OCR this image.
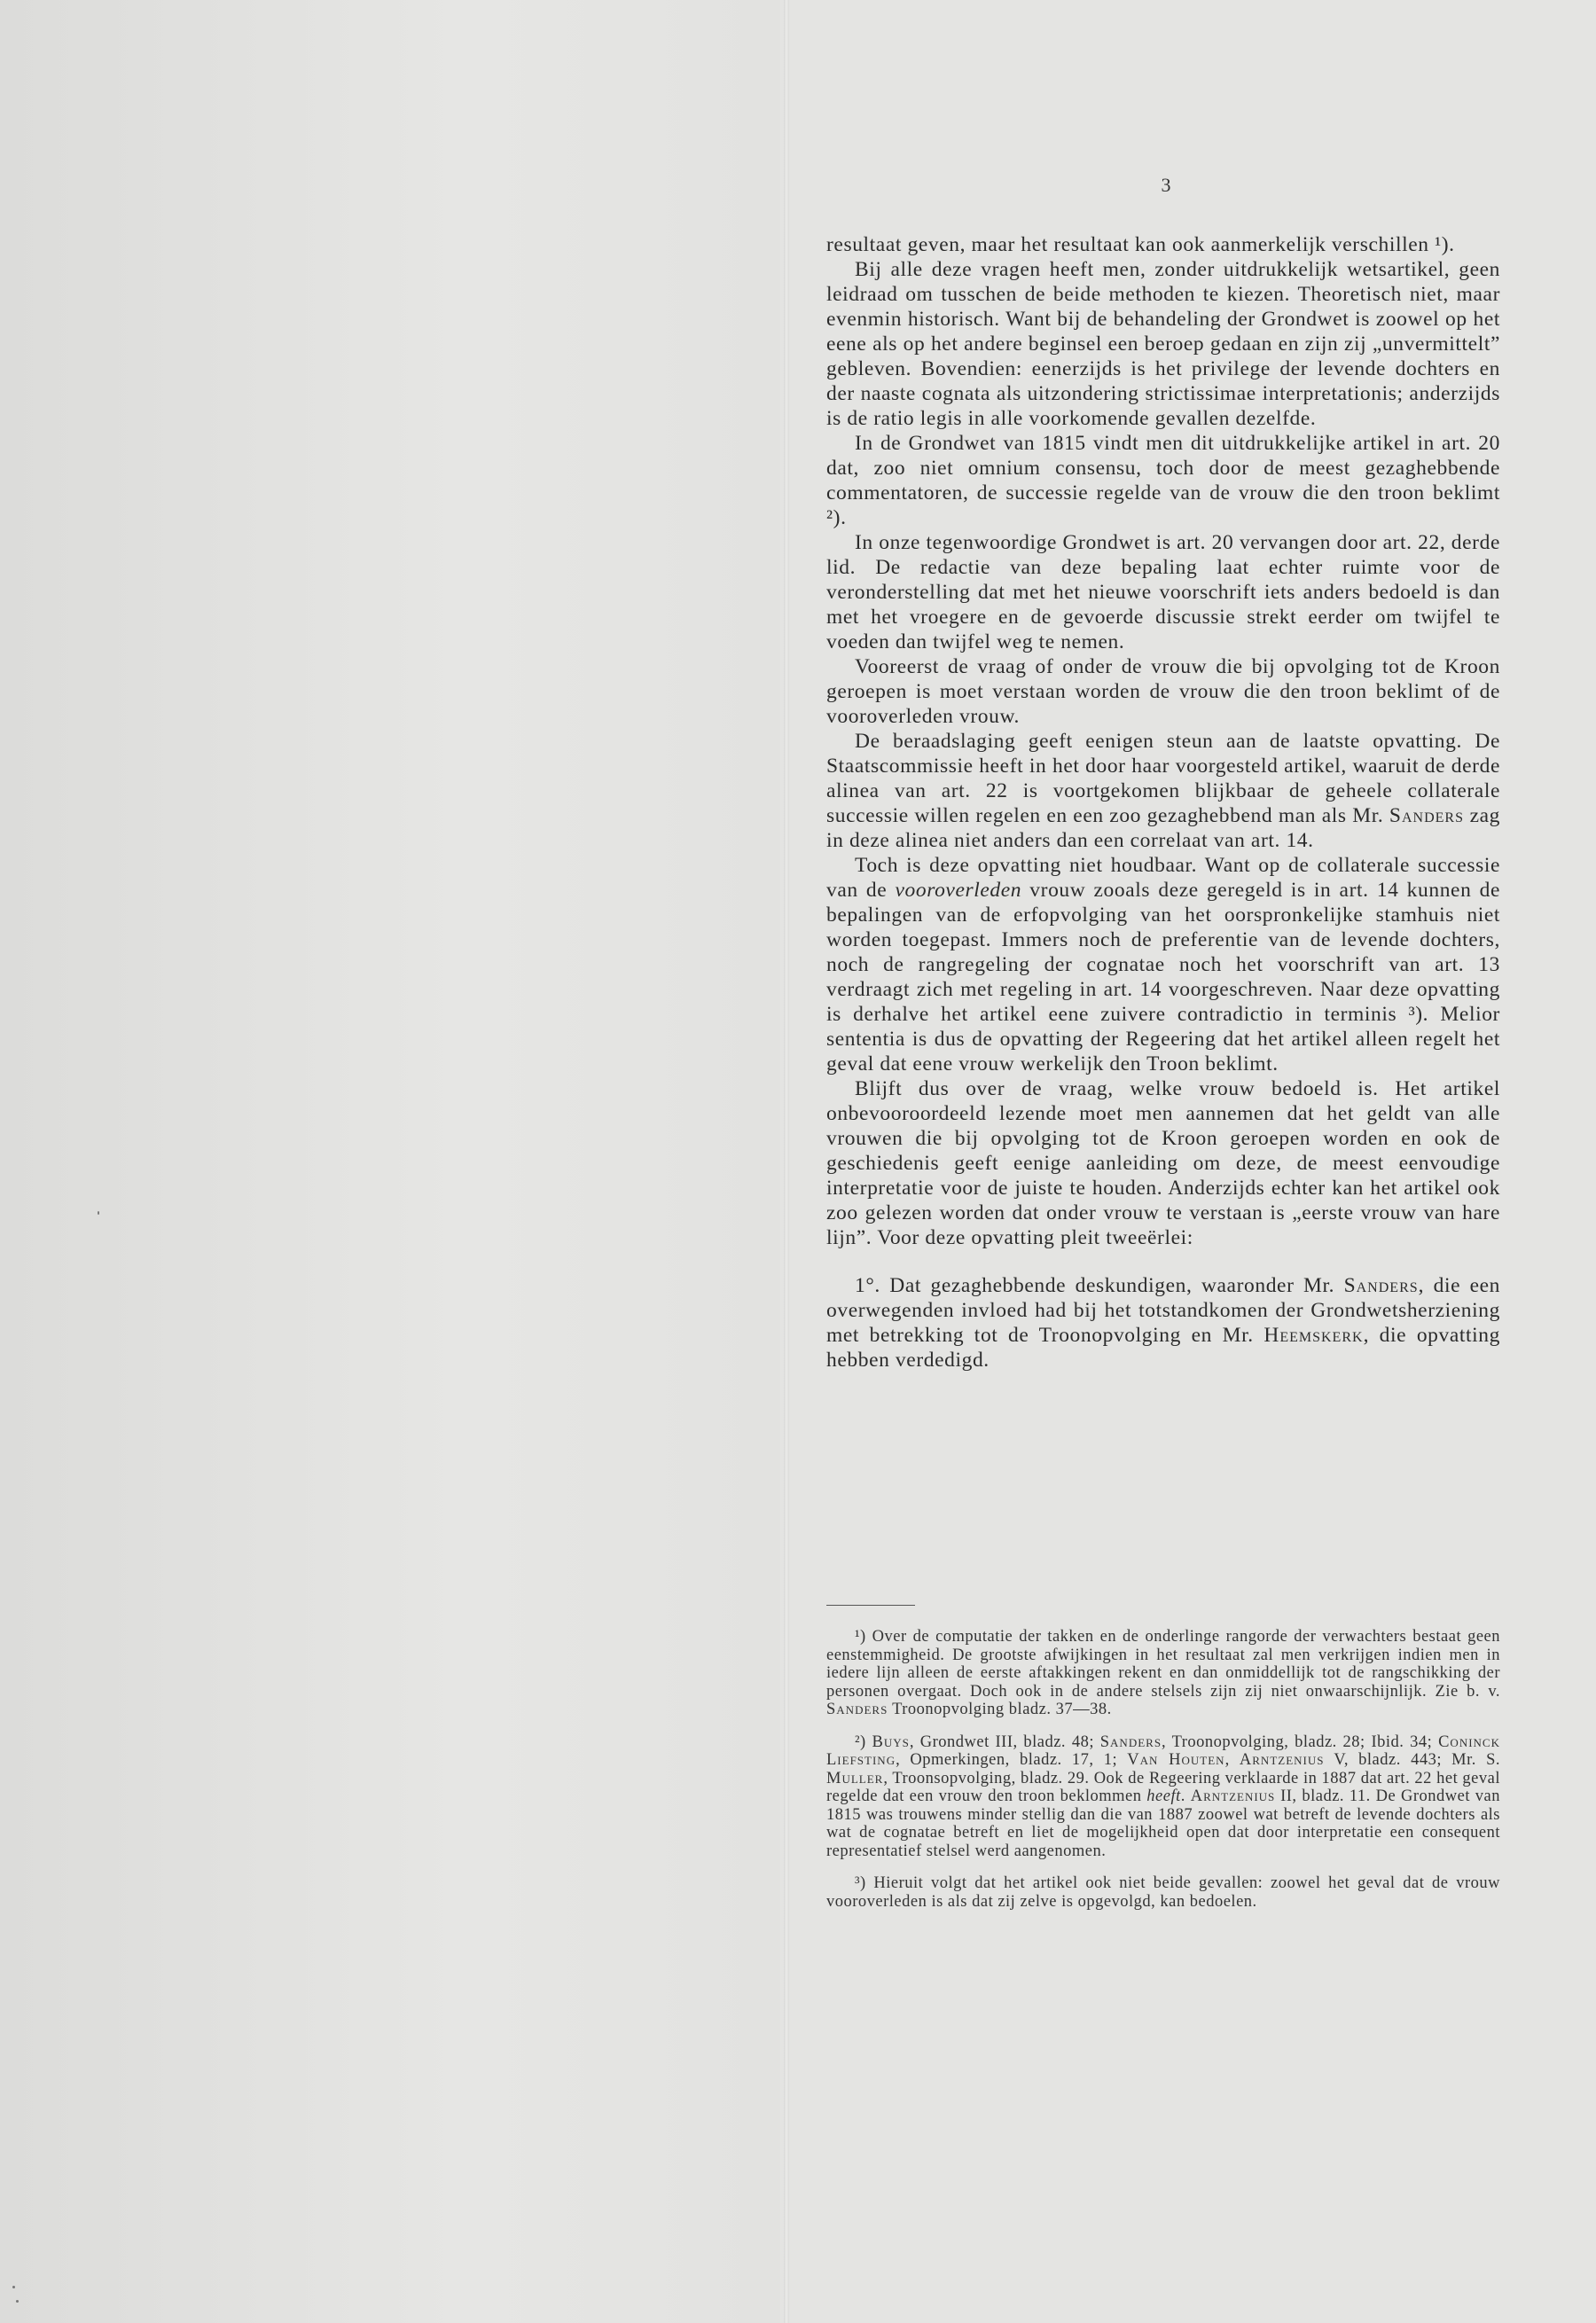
3

resultaat geven, maar het resultaat kan ook aanmerkelijk verschillen ¹).

Bij alle deze vragen heeft men, zonder uitdrukkelijk wetsartikel, geen leidraad om tusschen de beide methoden te kiezen. Theoretisch niet, maar evenmin historisch. Want bij de behandeling der Grondwet is zoowel op het eene als op het andere beginsel een beroep gedaan en zijn zij „unvermittelt” gebleven. Bovendien: eenerzijds is het privilege der levende dochters en der naaste cognata als uitzondering strictissimae interpretationis; anderzijds is de ratio legis in alle voorkomende gevallen dezelfde.

In de Grondwet van 1815 vindt men dit uitdrukkelijke artikel in art. 20 dat, zoo niet omnium consensu, toch door de meest gezaghebbende commentatoren, de successie regelde van de vrouw die den troon beklimt ²).

In onze tegenwoordige Grondwet is art. 20 vervangen door art. 22, derde lid. De redactie van deze bepaling laat echter ruimte voor de veronderstelling dat met het nieuwe voorschrift iets anders bedoeld is dan met het vroegere en de gevoerde discussie strekt eerder om twijfel te voeden dan twijfel weg te nemen.

Vooreerst de vraag of onder de vrouw die bij opvolging tot de Kroon geroepen is moet verstaan worden de vrouw die den troon beklimt of de vooroverleden vrouw.

De beraadslaging geeft eenigen steun aan de laatste opvatting. De Staatscommissie heeft in het door haar voorgesteld artikel, waaruit de derde alinea van art. 22 is voortgekomen blijkbaar de geheele collaterale successie willen regelen en een zoo gezaghebbend man als Mr. Sanders zag in deze alinea niet anders dan een correlaat van art. 14.

Toch is deze opvatting niet houdbaar. Want op de collaterale successie van de vooroverleden vrouw zooals deze geregeld is in art. 14 kunnen de bepalingen van de erfopvolging van het oorspronkelijke stamhuis niet worden toegepast. Immers noch de preferentie van de levende dochters, noch de rangregeling der cognatae noch het voorschrift van art. 13 verdraagt zich met regeling in art. 14 voorgeschreven. Naar deze opvatting is derhalve het artikel eene zuivere contradictio in terminis ³). Melior sententia is dus de opvatting der Regeering dat het artikel alleen regelt het geval dat eene vrouw werkelijk den Troon beklimt.

Blijft dus over de vraag, welke vrouw bedoeld is. Het artikel onbevooroordeeld lezende moet men aannemen dat het geldt van alle vrouwen die bij opvolging tot de Kroon geroepen worden en ook de geschiedenis geeft eenige aanleiding om deze, de meest eenvoudige interpretatie voor de juiste te houden. Anderzijds echter kan het artikel ook zoo gelezen worden dat onder vrouw te verstaan is „eerste vrouw van hare lijn”. Voor deze opvatting pleit tweeërlei:

1°. Dat gezaghebbende deskundigen, waaronder Mr. Sanders, die een overwegenden invloed had bij het totstandkomen der Grondwetsherziening met betrekking tot de Troonopvolging en Mr. Heemskerk, die opvatting hebben verdedigd.

¹) Over de computatie der takken en de onderlinge rangorde der verwachters bestaat geen eenstemmigheid. De grootste afwijkingen in het resultaat zal men verkrijgen indien men in iedere lijn alleen de eerste aftakkingen rekent en dan onmiddellijk tot de rangschikking der personen overgaat. Doch ook in de andere stelsels zijn zij niet onwaarschijnlijk. Zie b. v. Sanders Troonopvolging bladz. 37—38.

²) Buys, Grondwet III, bladz. 48; Sanders, Troonopvolging, bladz. 28; Ibid. 34; Coninck Liefsting, Opmerkingen, bladz. 17, 1; Van Houten, Arntzenius V, bladz. 443; Mr. S. Muller, Troonsopvolging, bladz. 29. Ook de Regeering verklaarde in 1887 dat art. 22 het geval regelde dat een vrouw den troon beklommen heeft. Arntzenius II, bladz. 11. De Grondwet van 1815 was trouwens minder stellig dan die van 1887 zoowel wat betreft de levende dochters als wat de cognatae betreft en liet de mogelijkheid open dat door interpretatie een consequent representatief stelsel werd aangenomen.

³) Hieruit volgt dat het artikel ook niet beide gevallen: zoowel het geval dat de vrouw vooroverleden is als dat zij zelve is opgevolgd, kan bedoelen.
